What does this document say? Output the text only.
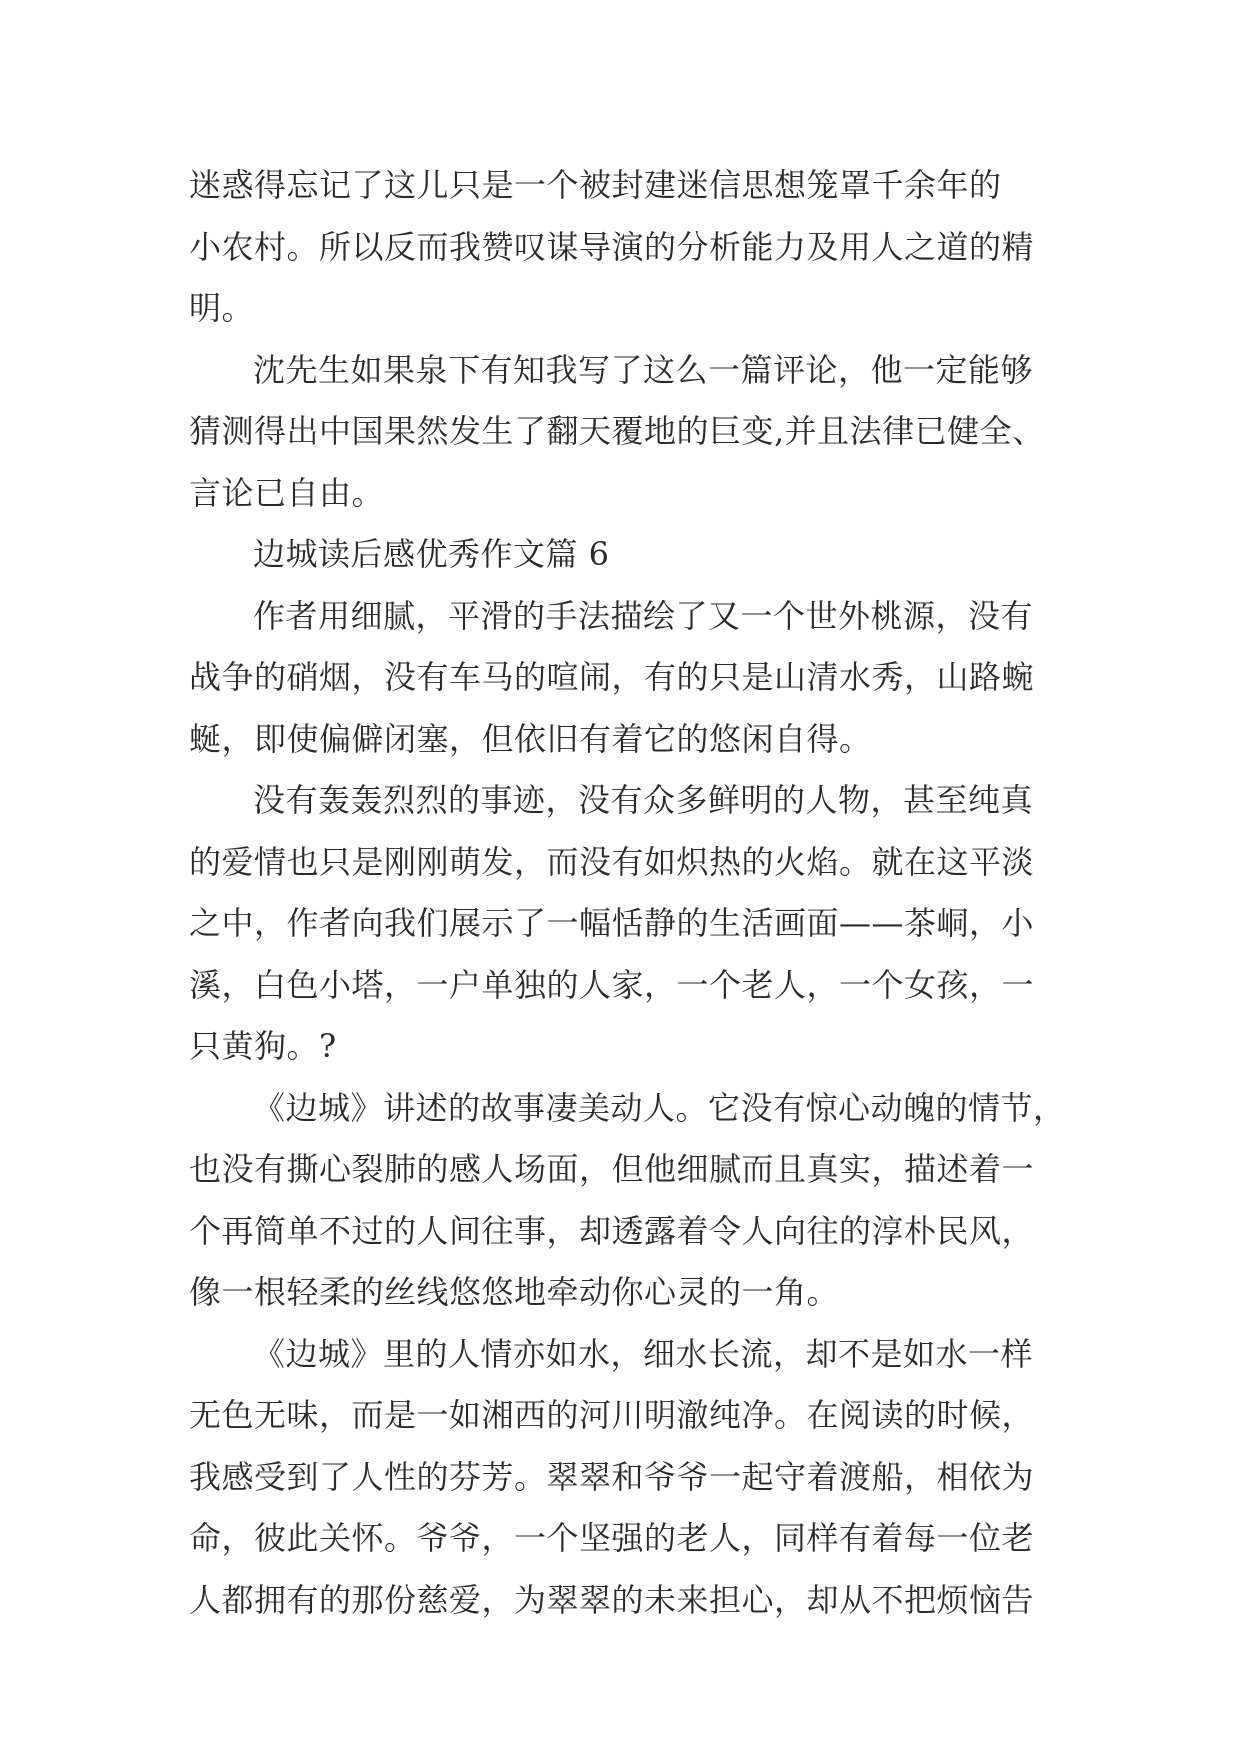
迷惑得忘记了这儿只是一个被封建迷信思想笼罩千余年的
小农村。所以反而我赞叹谋导演的分析能力及用人之道的精
明。

沈先生如果泉下有知我写了这么一篇评论，他一定能够
猜测得出中国果然发生了翻天覆地的巨变,并且法律已健全、
言论已自由。

边城读后感优秀作文篇 6

作者用细腻，平滑的手法描绘了又一个世外桃源，没有
战争的硝烟，没有车马的喧闹，有的只是山清水秀，山路蜿
蜒，即使偏僻闭塞，但依旧有着它的悠闲自得。

没有轰轰烈烈的事迹，没有众多鲜明的人物，甚至纯真
的爱情也只是刚刚萌发，而没有如炽热的火焰。就在这平淡
之中，作者向我们展示了一幅恬静的生活画面——茶峒，小
溪，白色小塔，一户单独的人家，一个老人，一个女孩，一
只黄狗。?

《边城》讲述的故事凄美动人。它没有惊心动魄的情节，
也没有撕心裂肺的感人场面，但他细腻而且真实，描述着一
个再简单不过的人间往事，却透露着令人向往的淳朴民风，
像一根轻柔的丝线悠悠地牵动你心灵的一角。

《边城》里的人情亦如水，细水长流，却不是如水一样
无色无味，而是一如湘西的河川明澈纯净。在阅读的时候，
我感受到了人性的芬芳。翠翠和爷爷一起守着渡船，相依为
命，彼此关怀。爷爷，一个坚强的老人，同样有着每一位老
人都拥有的那份慈爱，为翠翠的未来担心，却从不把烦恼告
